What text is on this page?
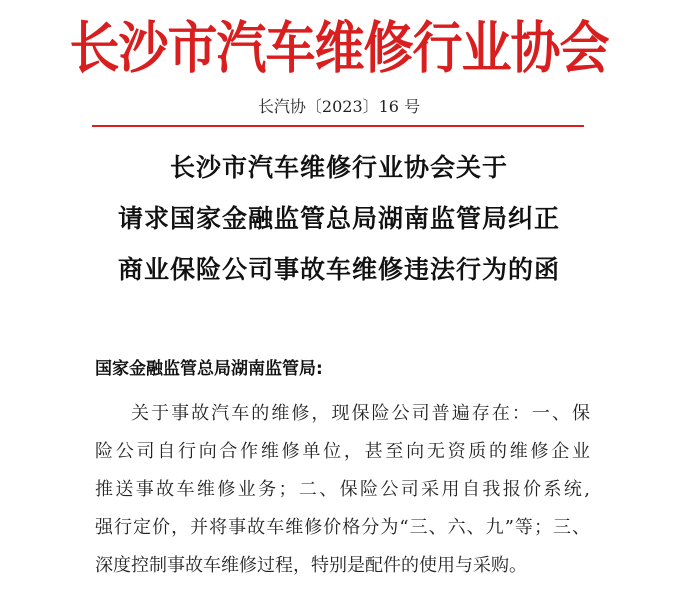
长沙市汽车维修行业协会
长汽协〔2023〕16 号
长沙市汽车维修行业协会关于
请求国家金融监管总局湖南监管局纠正
商业保险公司事故车维修违法行为的函
国家金融监管总局湖南监管局:
关于事故汽车的维修，现保险公司普遍存在：一、保
险公司自行向合作维修单位，甚至向无资质的维修企业
推送事故车维修业务；二、保险公司采用自我报价系统,
强行定价，并将事故车维修价格分为“三、六、九”等；三、
深度控制事故车维修过程，特别是配件的使用与采购。
